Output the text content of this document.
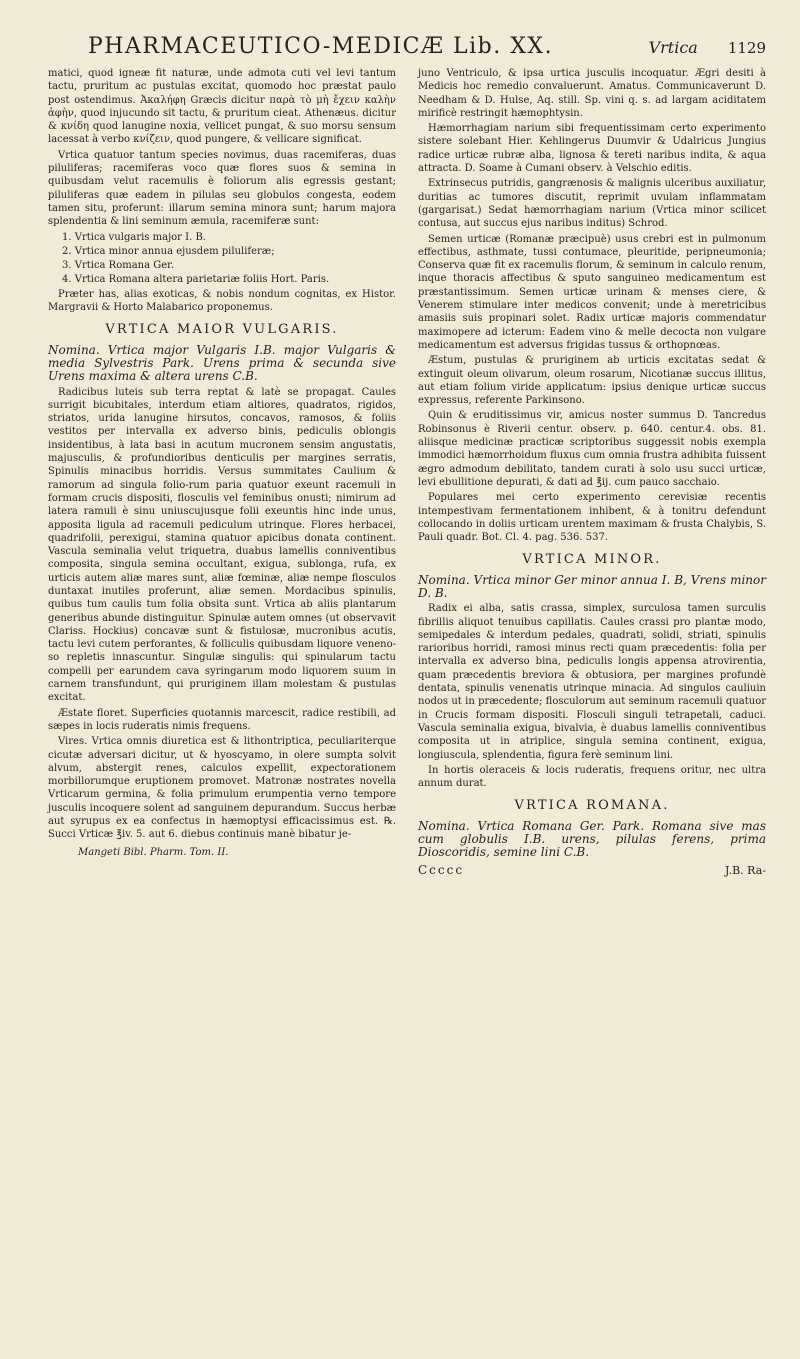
PHARMACEUTICO-MEDICÆ Lib. XX.	Vrtica 1129

matici, quod igneæ fit naturæ, unde admota cuti vel levi tantum tactu, pruritum ac pustulas excitat, quomodo hoc præstat paulo post ostendimus. Ἀκαλήφη Græcis dicitur παρὰ τὸ μὴ ἔχειν καλὴν ἀφὴν, quod injucundo sit tactu, & pruritum cieat. Athenæus. dicitur & κνίδη quod lanugine noxia, vellicet pungat, & suo morsu sensum lacessat à verbo κνίζειν, quod pungere, & vellicare significat.

Vrtica quatuor tantum species novimus, duas racemiferas, duas piluliferas; racemiferas voco quæ flores suos & semina in quibusdam velut racemulis è foliorum alis egressis gestant; piluliferas quæ eadem in pilulas seu globulos congesta, eodem tamen situ, proferunt: illarum semina minora sunt; harum majora splendentia & lini seminum æmula, racemiferæ sunt:

1. Vrtica vulgaris major I. B.

2. Vrtica minor annua ejusdem piluliferæ;

3. Vrtica Romana Ger.

4. Vrtica Romana altera parietariæ foliis Hort. Paris.

Præter has, alias exoticas, & nobis nondum cognitas, ex Histor. Margravii & Horto Malabarico proponemus.

VRTICA MAIOR VULGARIS.

Nomina. Vrtica major Vulgaris I.B. major Vulgaris & media Sylvestris Park. Urens prima & secunda sive Urens maxima & altera urens C.B.

Radicibus luteis sub terra reptat & latè se propagat. Caules surrigit bicubitales, interdum etiam altiores, quadratos, rigidos, striatos, urida lanugine hirsutos, concavos, ramosos, & foliis vestitos per intervalla ex adverso binis, pediculis oblongis insidentibus, à lata basi in acutum mucronem sensim angustatis, majusculis, & profundioribus denticulis per margines serratis, Spinulis minacibus horridis. Versus summitates Caulium & ramorum ad singula folio-rum paria quatuor exeunt racemuli in formam crucis dispositi, flosculis vel feminibus onusti; nimirum ad latera ramuli è sinu uniuscujusque folii exeuntis hinc inde unus, apposita ligula ad racemuli pediculum utrinque. Flores herbacei, quadrifolii, perexigui, stamina quatuor apicibus donata continent. Vascula seminalia velut triquetra, duabus lamellis conniventibus composita, singula semina occultant, exigua, sublonga, rufa, ex urticis autem aliæ mares sunt, aliæ fœminæ, aliæ nempe flosculos duntaxat inutiles proferunt, aliæ semen. Mordacibus spinulis, quibus tum caulis tum folia obsita sunt. Vrtica ab aliis plantarum generibus abunde distinguitur. Spinulæ autem omnes (ut observavit Clariss. Hockius) concavæ sunt & fistulosæ, mucronibus acutis, tactu levi cutem perforantes, & folliculis quibusdam liquore veneno-so repletis innascuntur. Singulæ singulis: qui spinularum tactu compelli per earundem cava syringarum modo liquorem suum in carnem transfundunt, qui pruriginem illam molestam & pustulas excitat.

Æstate floret. Superficies quotannis marcescit, radice restibili, ad sæpes in locis ruderatis nimis frequens.

Vires. Vrtica omnis diuretica est & lithontriptica, peculiariterque cicutæ adversari dicitur, ut & hyoscyamo, in olere sumpta solvit alvum, abstergit renes, calculos expellit, expectorationem morbillorumque eruptionem promovet. Matronæ nostrates novella Vrticarum germina, & folia primulum erumpentia verno tempore jusculis incoquere solent ad sanguinem depurandum. Succus herbæ aut syrupus ex ea confectus in hæmoptysi efficacissimus est. ℞. Succi Vrticæ ℥iv. 5. aut 6. diebus continuis manè bibatur je-

Mangeti Bibl. Pharm. Tom. II.

juno Ventriculo, & ipsa urtica jusculis incoquatur. Ægri desiti à Medicis hoc remedio convaluerunt. Amatus. Communicaverunt D. Needham & D. Hulse, Aq. still. Sp. vini q. s. ad largam aciditatem mirificè restringit hæmophtysin.

Hæmorrhagiam narium sibi frequentissimam certo experimento sistere solebant Hier. Kehlingerus Duumvir & Udalricus Jungius radice urticæ rubræ alba, lignosa & tereti naribus indita, & aqua attracta. D. Soame à Cumani observ. à Velschio editis.

Extrinsecus putridis, gangrænosis & malignis ulceribus auxiliatur, duritias ac tumores discutit, reprimit uvulam inflammatam (gargarisat.) Sedat hæmorrhagiam narium (Vrtica minor scilicet contusa, aut succus ejus naribus inditus) Schrod.

Semen urticæ (Romanæ præcipuè) usus crebri est in pulmonum effectibus, asthmate, tussi contumace, pleuritide, peripneumonia; Conserva quæ fit ex racemulis florum, & seminum in calculo renum, inque thoracis affectibus & sputo sanguineo medicamentum est præstantissimum. Semen urticæ urinam & menses ciere, & Venerem stimulare inter medicos convenit; unde à meretricibus amasiis suis propinari solet. Radix urticæ majoris commendatur maximopere ad icterum: Eadem vino & melle decocta non vulgare medicamentum est adversus frigidas tussus & orthopnœas.

Æstum, pustulas & pruriginem ab urticis excitatas sedat & extinguit oleum olivarum, oleum rosarum, Nicotianæ succus illitus, aut etiam folium viride applicatum: ipsius denique urticæ succus expressus, referente Parkinsono.

Quin & eruditissimus vir, amicus noster summus D. Tancredus Robinsonus è Riverii centur. observ. p. 640. centur.4. obs. 81. aliisque medicinæ practicæ scriptoribus suggessit nobis exempla immodici hæmorrhoidum fluxus cum omnia frustra adhibita fuissent ægro admodum debilitato, tandem curati à solo usu succi urticæ, levi ebullitione depurati, & dati ad ℥ij. cum pauco sacchaio.

Populares mei certo experimento cerevisiæ recentis intempestivam fermentationem inhibent, & à tonitru defendunt collocando in doliis urticam urentem maximam & frusta Chalybis, S. Pauli quadr. Bot. Cl. 4. pag. 536. 537.

VRTICA MINOR.

Nomina. Vrtica minor Ger minor annua I. B, Vrens minor D. B.

Radix ei alba, satis crassa, simplex, surculosa tamen surculis fibrillis aliquot tenuibus capillatis. Caules crassi pro plantæ modo, semipedales & interdum pedales, quadrati, solidi, striati, spinulis rarioribus horridi, ramosi minus recti quam præcedentis: folia per intervalla ex adverso bina, pediculis longis appensa atrovirentia, quam præcedentis breviora & obtusiora, per margines profundè dentata, spinulis venenatis utrinque minacia. Ad singulos cauliuin nodos ut in præcedente; flosculorum aut seminum racemuli quatuor in Crucis formam dispositi. Flosculi singuli tetrapetali, caduci. Vascula seminalia exigua, bivalvia, è duabus lamellis conniventibus composita ut in atriplice, singula semina continent, exigua, longiuscula, splendentia, figura ferè seminum lini.

In hortis oleraceis & locis ruderatis, frequens oritur, nec ultra annum durat.

VRTICA ROMANA.

Nomina. Vrtica Romana Ger. Park. Romana sive mas cum globulis I.B. urens, pilulas ferens, prima Dioscoridis, semine lini C.B.

Ccccc	J.B. Ra-
